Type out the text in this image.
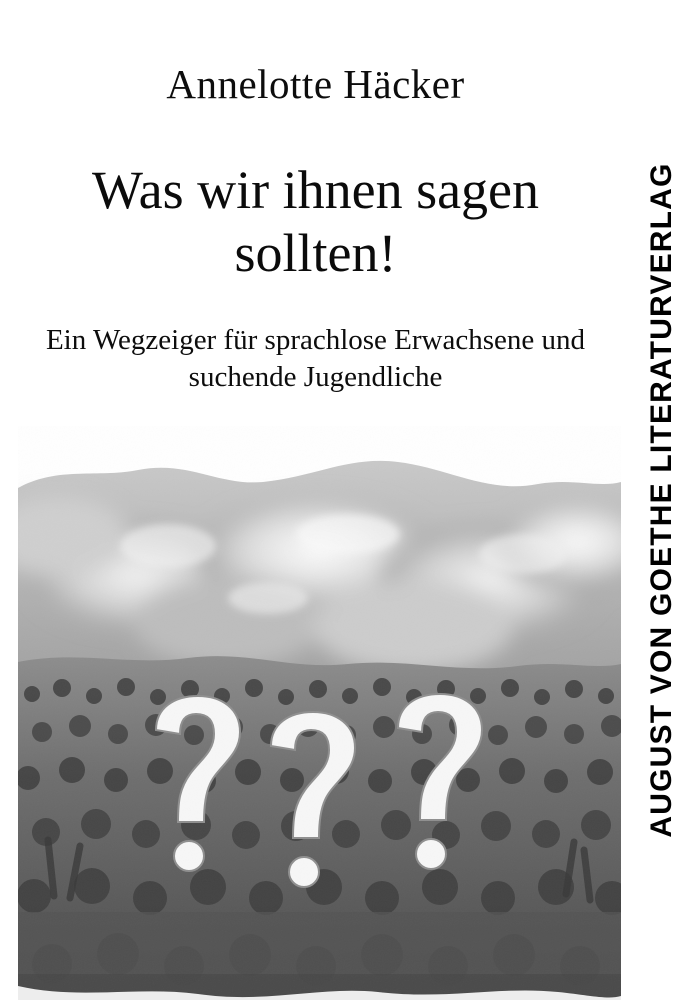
Annelotte Häcker
Was wir ihnen sagen sollten!
Ein Wegzeiger für sprachlose Erwachsene und suchende Jugendliche	AUGUST VON GOETHE LITERATURVERLAG
